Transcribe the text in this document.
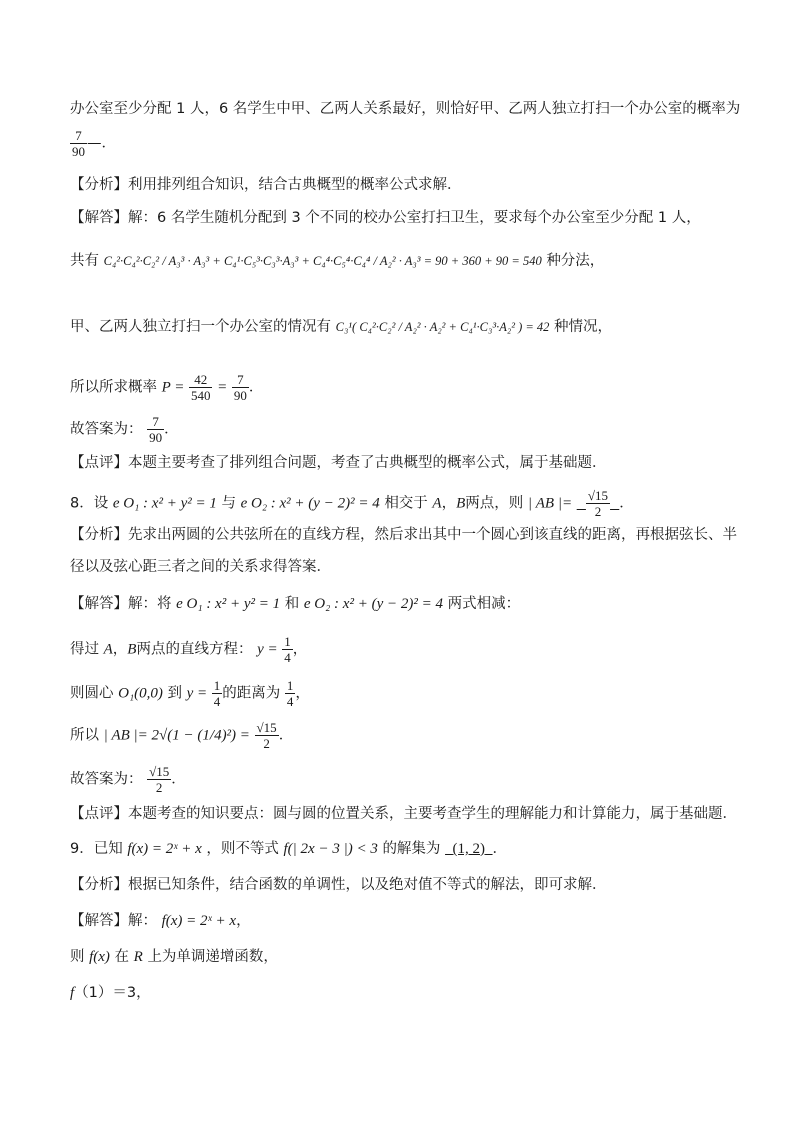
办公室至少分配 1 人，6 名学生中甲、乙两人关系最好，则恰好甲、乙两人独立打扫一个办公室的概率为
$\frac{7}{90}$ —．
【分析】利用排列组合知识，结合古典概型的概率公式求解．
【解答】解：6 名学生随机分配到 3 个不同的校办公室打扫卫生，要求每个办公室至少分配 1 人，
共有 C₄²·C₄²·C₂² / A₃³ · A₃³ + C₄¹·C₅³·C₃³·A₃³ + C₄⁴·C₅⁴·C₄⁴ / A₂² · A₃³ = 90 + 360 + 90 = 540 种分法，
甲、乙两人独立打扫一个办公室的情况有 C₃¹( C₄²·C₂² / A₂² · A₂² + C₄¹·C₃³·A₂² ) = 42 种情况，
所以所求概率 $P = \frac{42}{540} = \frac{7}{90}$ ．
故答案为： $\frac{7}{90}$ ．
【点评】本题主要考查了排列组合问题，考查了古典概型的概率公式，属于基础题．
8．设 e O₁ : x² + y² = 1 与 e O₂ : x² + (y − 2)² = 4 相交于 A，B两点，则 | AB |= $\frac{√15}{2}$ ．
【分析】先求出两圆的公共弦所在的直线方程，然后求出其中一个圆心到该直线的距离，再根据弦长、半
径以及弦心距三者之间的关系求得答案．
【解答】解：将 e O₁ : x² + y² = 1 和 e O₂ : x² + (y − 2)² = 4 两式相减：
得过 A，B两点的直线方程： $y = \frac{1}{4}$ ，
则圆心 O₁(0,0) 到 $y = \frac{1}{4}$ 的距离为 $\frac{1}{4}$ ，
所以 | AB |= $2√(1 - (1/4)^2) = \frac{√15}{2}$ ．
故答案为： $\frac{√15}{2}$ ．
【点评】本题考查的知识要点：圆与圆的位置关系，主要考查学生的理解能力和计算能力，属于基础题．
9．已知 f(x) = 2ˣ + x ，则不等式 f(| 2x − 3 |) < 3 的解集为 (1, 2) ．
【分析】根据已知条件，结合函数的单调性，以及绝对值不等式的解法，即可求解．
【解答】解： f(x) = 2ˣ + x，
则 f(x) 在 R 上为单调递增函数，
f（1）＝3，
